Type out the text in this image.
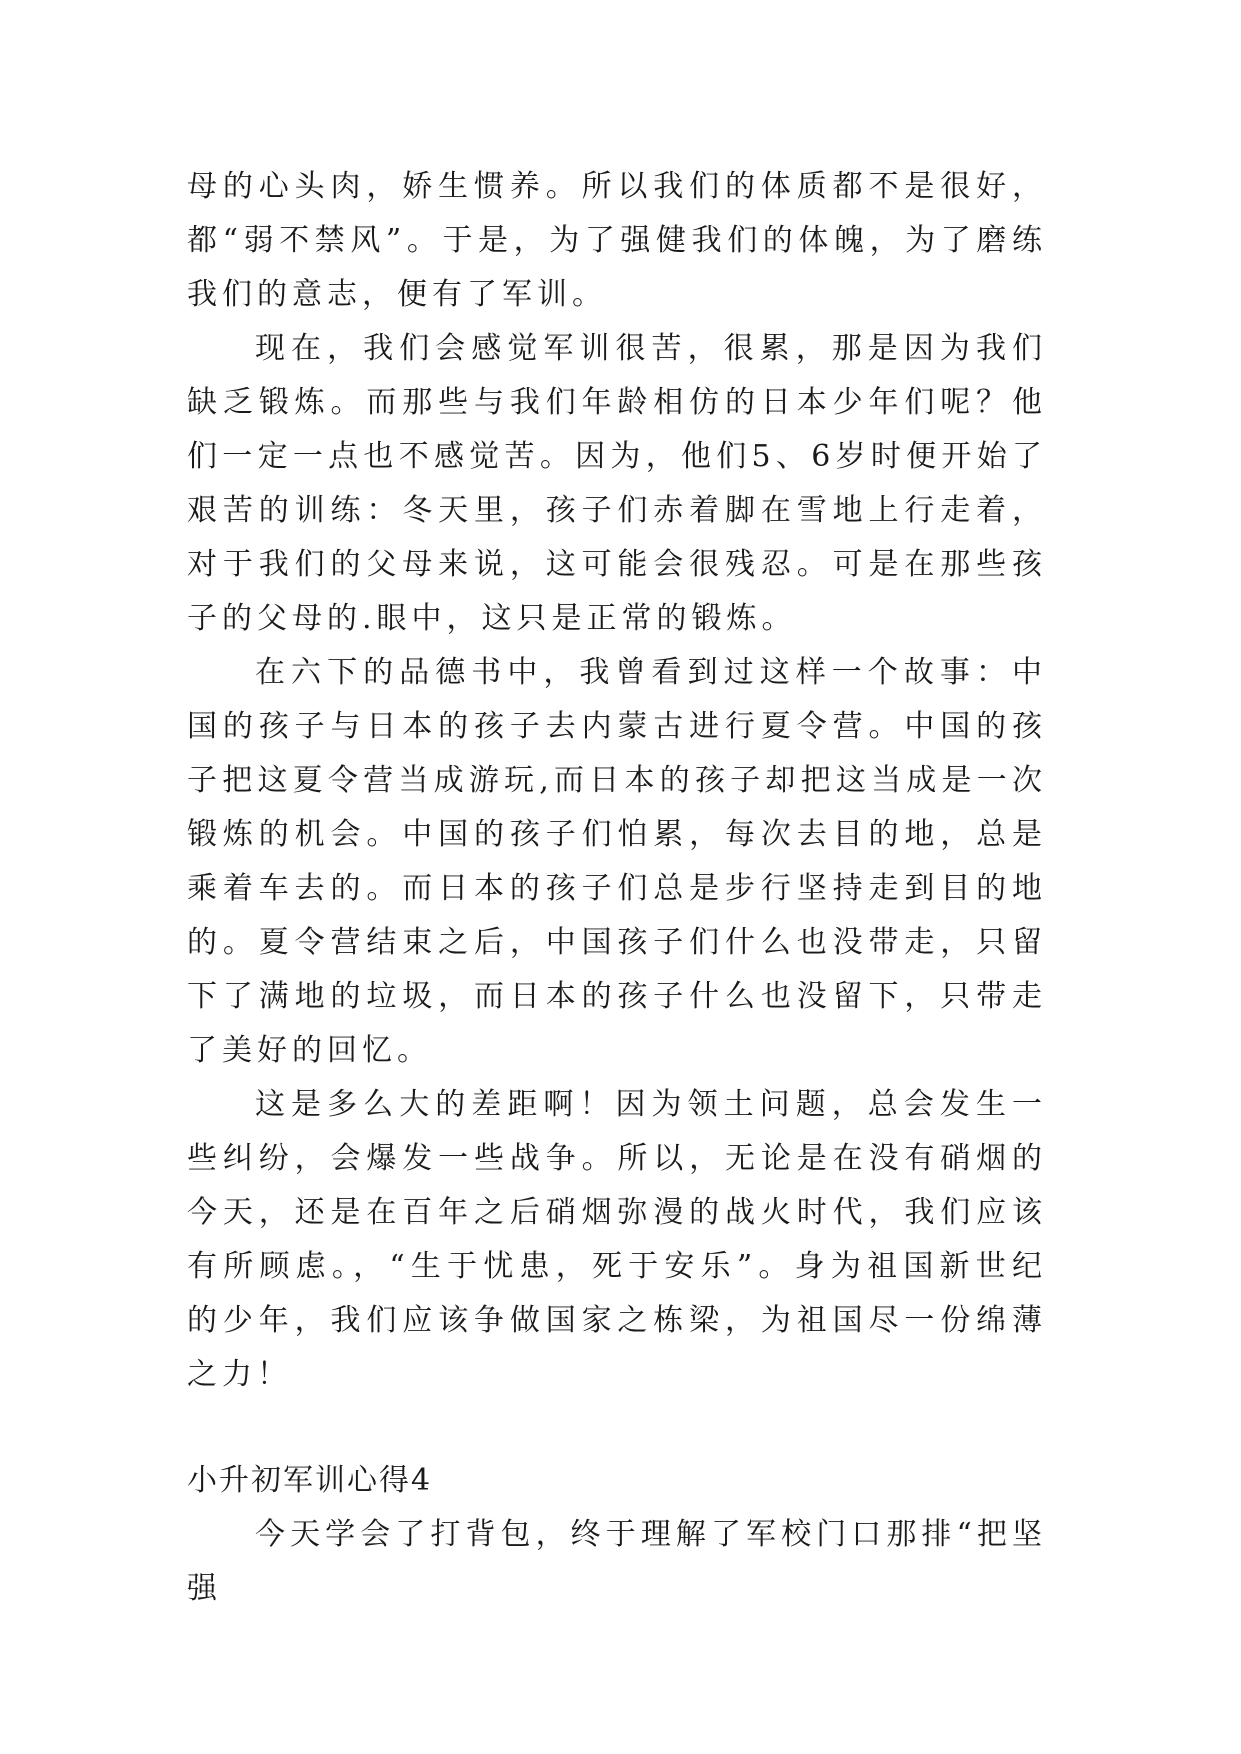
母的心头肉，娇生惯养。所以我们的体质都不是很好，都“弱不禁风”。于是，为了强健我们的体魄，为了磨练我们的意志，便有了军训。

现在，我们会感觉军训很苦，很累，那是因为我们缺乏锻炼。而那些与我们年龄相仿的日本少年们呢？他们一定一点也不感觉苦。因为，他们5、6岁时便开始了艰苦的训练：冬天里，孩子们赤着脚在雪地上行走着，对于我们的父母来说，这可能会很残忍。可是在那些孩子的父母的.眼中，这只是正常的锻炼。

在六下的品德书中，我曾看到过这样一个故事：中国的孩子与日本的孩子去内蒙古进行夏令营。中国的孩子把这夏令营当成游玩,而日本的孩子却把这当成是一次锻炼的机会。中国的孩子们怕累，每次去目的地，总是乘着车去的。而日本的孩子们总是步行坚持走到目的地的。夏令营结束之后，中国孩子们什么也没带走，只留下了满地的垃圾，而日本的孩子什么也没留下，只带走了美好的回忆。

这是多么大的差距啊！因为领土问题，总会发生一些纠纷，会爆发一些战争。所以，无论是在没有硝烟的今天，还是在百年之后硝烟弥漫的战火时代，我们应该有所顾虑。，“生于忧患，死于安乐”。身为祖国新世纪的少年，我们应该争做国家之栋梁，为祖国尽一份绵薄之力！

小升初军训心得4

今天学会了打背包，终于理解了军校门口那排“把坚强
